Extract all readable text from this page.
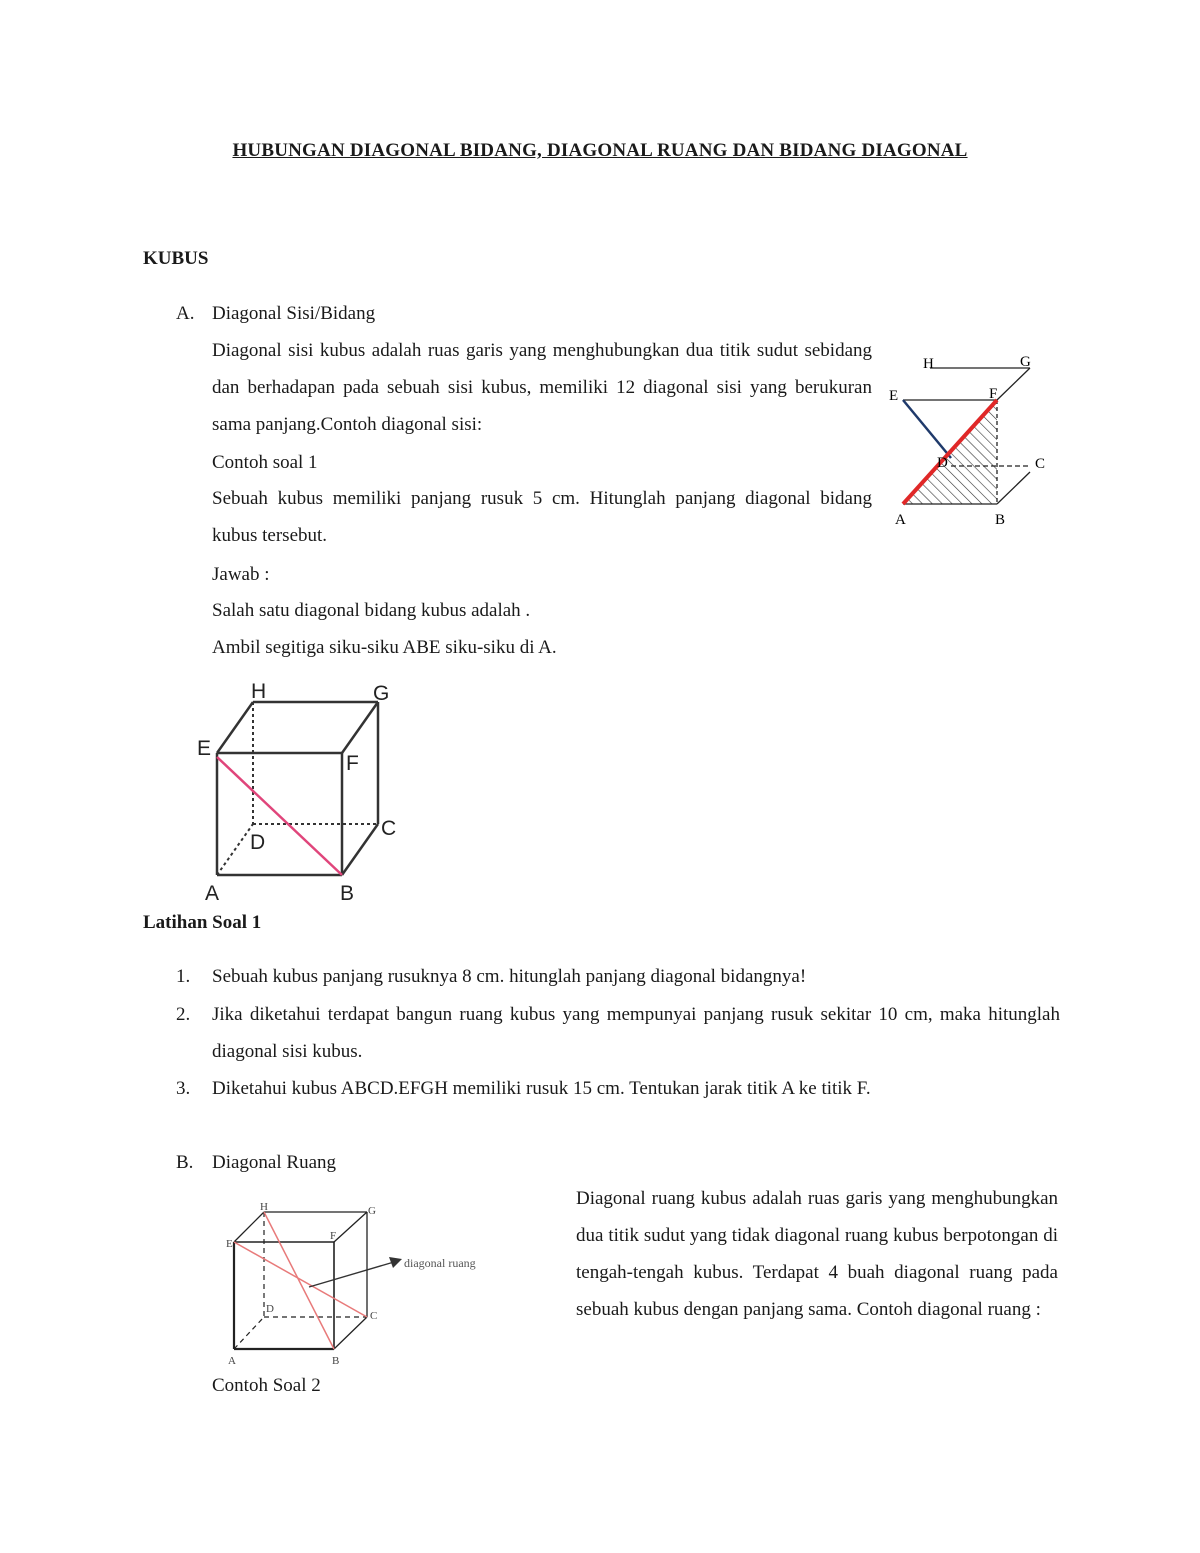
HUBUNGAN DIAGONAL BIDANG, DIAGONAL RUANG DAN BIDANG DIAGONAL
KUBUS
A. Diagonal Sisi/Bidang
Diagonal sisi kubus adalah ruas garis yang menghubungkan dua titik sudut sebidang dan berhadapan pada sebuah sisi kubus, memiliki 12 diagonal sisi yang berukuran sama panjang.Contoh diagonal sisi:
Contoh soal 1
Sebuah kubus memiliki panjang rusuk 5 cm. Hitunglah panjang diagonal bidang kubus tersebut.
Jawab :
Salah satu diagonal bidang kubus adalah .
Ambil segitiga siku-siku ABE siku-siku di A.
H	G
E	F
D	C
A	B
H	G
E
F
D
C
A	B
Latihan Soal 1
1. Sebuah kubus panjang rusuknya 8 cm. hitunglah panjang diagonal bidangnya!
2. Jika diketahui terdapat bangun ruang kubus yang mempunyai panjang rusuk sekitar 10 cm, maka hitunglah diagonal sisi kubus.
3. Diketahui kubus ABCD.EFGH memiliki rusuk 15 cm. Tentukan jarak titik A ke titik F.
B. Diagonal Ruang
Diagonal ruang kubus adalah ruas garis yang menghubungkan dua titik sudut yang tidak diagonal ruang kubus berpotongan di tengah-tengah kubus. Terdapat 4 buah diagonal ruang pada sebuah kubus dengan panjang sama. Contoh diagonal ruang :
diagonal ruang
H	G
E
F
D
C
A	B
Contoh Soal 2
